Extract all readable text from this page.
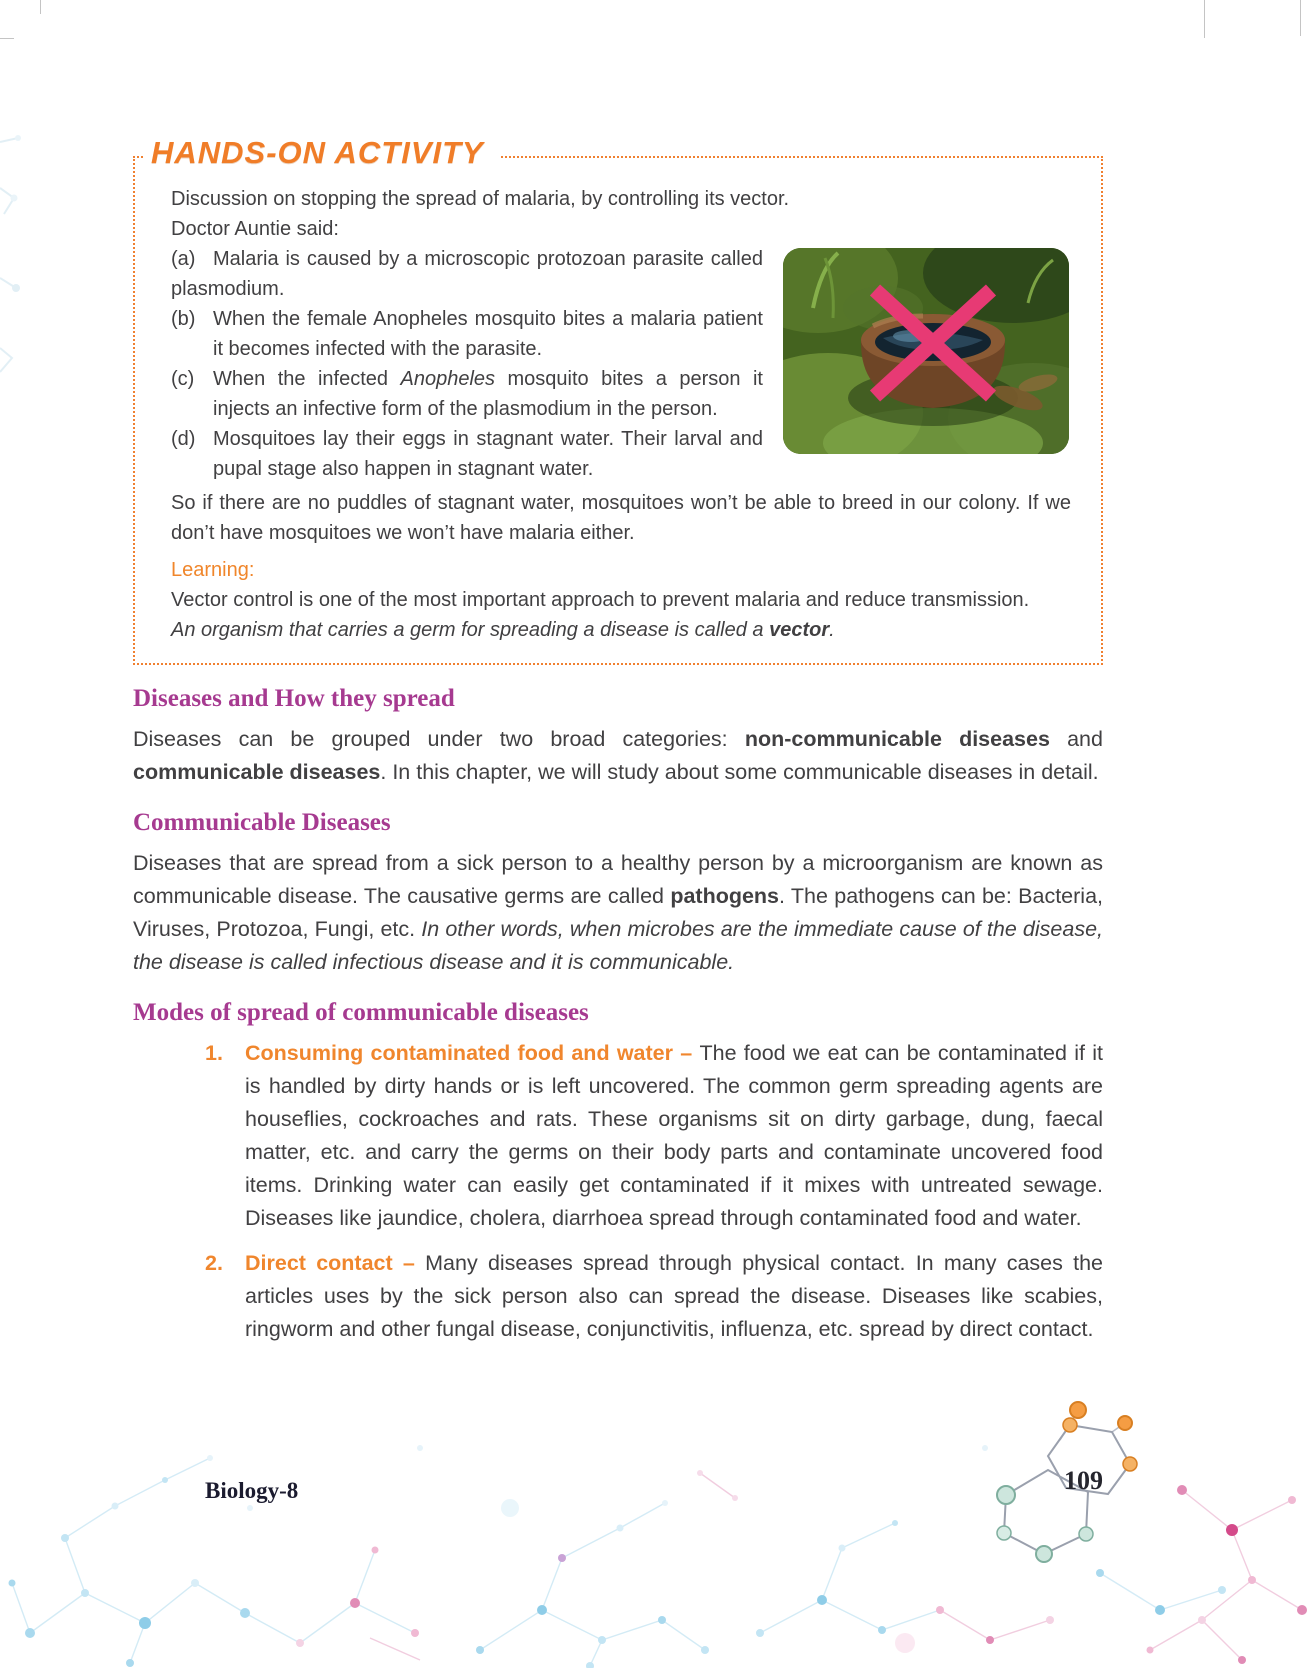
HANDS-ON ACTIVITY

Discussion on stopping the spread of malaria, by controlling its vector.

Doctor Auntie said:

(a) Malaria is caused by a microscopic protozoan parasite called plasmodium.

(b) When the female Anopheles mosquito bites a malaria patient it becomes infected with the parasite.

(c) When the infected Anopheles mosquito bites a person it injects an infective form of the plasmodium in the person.

(d) Mosquitoes lay their eggs in stagnant water. Their larval and pupal stage also happen in stagnant water.

So if there are no puddles of stagnant water, mosquitoes won’t be able to breed in our colony. If we don’t have mosquitoes we won’t have malaria either.

Learning:

Vector control is one of the most important approach to prevent malaria and reduce transmission.

An organism that carries a germ for spreading a disease is called a vector.

Diseases and How they spread

Diseases can be grouped under two broad categories: non-communicable diseases and communicable diseases. In this chapter, we will study about some communicable diseases in detail.

Communicable Diseases

Diseases that are spread from a sick person to a healthy person by a microorganism are known as communicable disease. The causative germs are called pathogens. The pathogens can be: Bacteria, Viruses, Protozoa, Fungi, etc. In other words, when microbes are the immediate cause of the disease, the disease is called infectious disease and it is communicable.

Modes of spread of communicable diseases

1. Consuming contaminated food and water – The food we eat can be contaminated if it is handled by dirty hands or is left uncovered. The common germ spreading agents are houseflies, cockroaches and rats. These organisms sit on dirty garbage, dung, faecal matter, etc. and carry the germs on their body parts and contaminate uncovered food items. Drinking water can easily get contaminated if it mixes with untreated sewage. Diseases like jaundice, cholera, diarrhoea spread through contaminated food and water.

2. Direct contact – Many diseases spread through physical contact. In many cases the articles uses by the sick person also can spread the disease. Diseases like scabies, ringworm and other fungal disease, conjunctivitis, influenza, etc. spread by direct contact.

Biology-8	109
